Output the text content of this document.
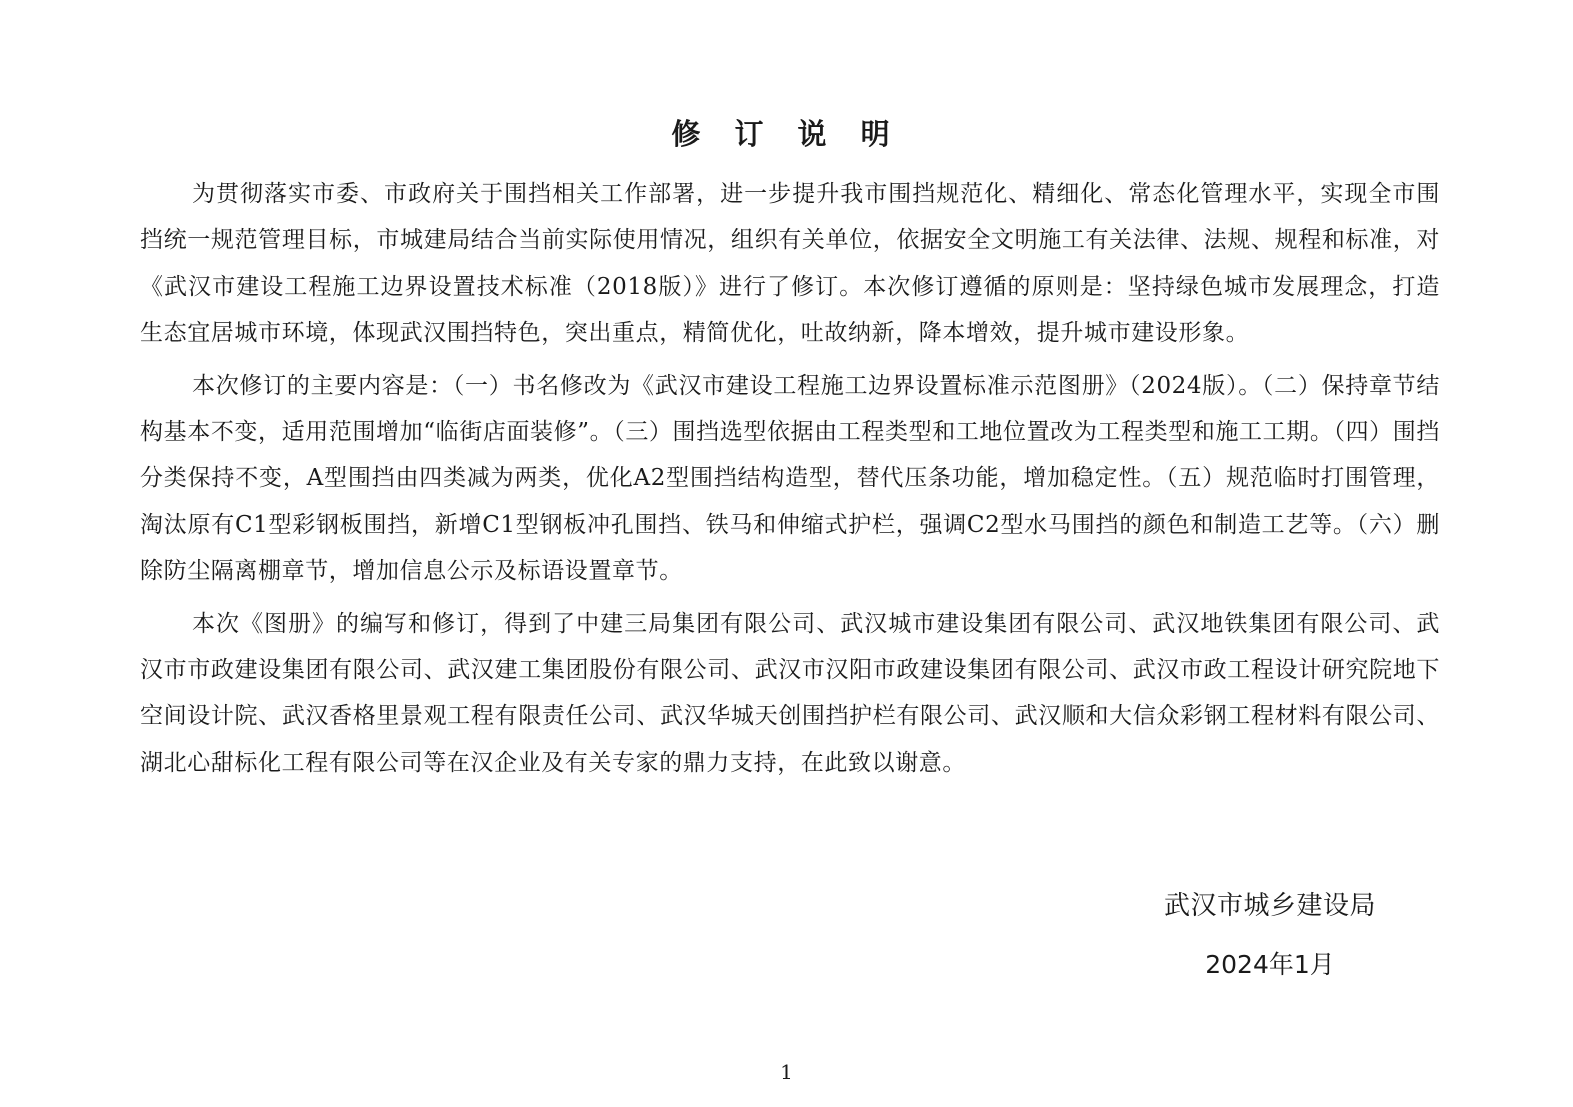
修 订 说 明

为贯彻落实市委、市政府关于围挡相关工作部署，进一步提升我市围挡规范化、精细化、常态化管理水平，实现全市围挡统一规范管理目标，市城建局结合当前实际使用情况，组织有关单位，依据安全文明施工有关法律、法规、规程和标准，对《武汉市建设工程施工边界设置技术标准（2018版）》进行了修订。本次修订遵循的原则是：坚持绿色城市发展理念，打造生态宜居城市环境，体现武汉围挡特色，突出重点，精简优化，吐故纳新，降本增效，提升城市建设形象。

本次修订的主要内容是：（一）书名修改为《武汉市建设工程施工边界设置标准示范图册》（2024版）。（二）保持章节结构基本不变，适用范围增加“临街店面装修”。（三）围挡选型依据由工程类型和工地位置改为工程类型和施工工期。（四）围挡分类保持不变，A型围挡由四类减为两类，优化A2型围挡结构造型，替代压条功能，增加稳定性。（五）规范临时打围管理，淘汰原有C1型彩钢板围挡，新增C1型钢板冲孔围挡、铁马和伸缩式护栏，强调C2型水马围挡的颜色和制造工艺等。（六）删除防尘隔离棚章节，增加信息公示及标语设置章节。

本次《图册》的编写和修订，得到了中建三局集团有限公司、武汉城市建设集团有限公司、武汉地铁集团有限公司、武汉市市政建设集团有限公司、武汉建工集团股份有限公司、武汉市汉阳市政建设集团有限公司、武汉市政工程设计研究院地下空间设计院、武汉香格里景观工程有限责任公司、武汉华城天创围挡护栏有限公司、武汉顺和大信众彩钢工程材料有限公司、湖北心甜标化工程有限公司等在汉企业及有关专家的鼎力支持，在此致以谢意。

武汉市城乡建设局
2024年1月
1
